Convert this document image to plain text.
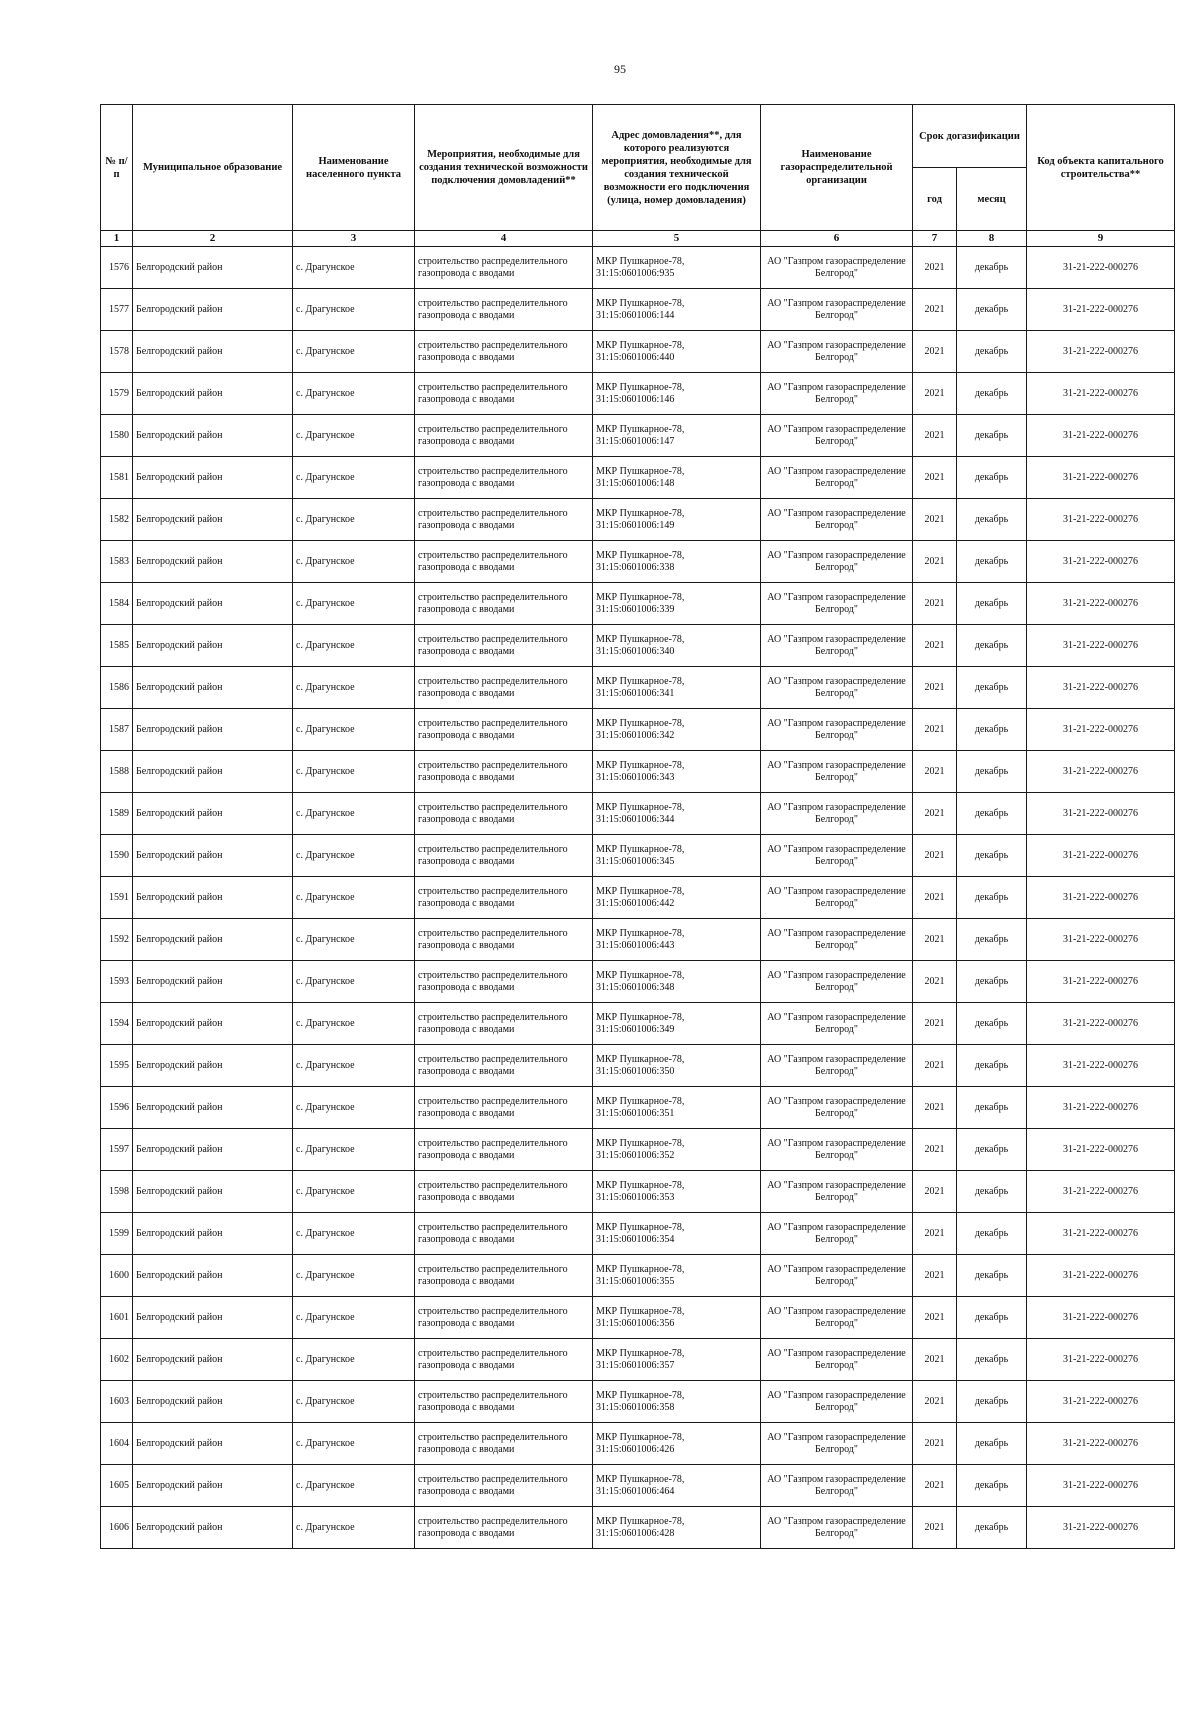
95
№ п/п	Муниципальное образование	Наименование населенного пункта	Мероприятия, необходимые для создания технической возможности подключения домовладений**	Адрес домовладения**, для которого реализуются мероприятия, необходимые для создания технической возможности его подключения (улица, номер домовладения)	Наименование газораспределительной организации	Срок догазификации		Код объекта капитального строительства**
						год	месяц	
1	2	3	4	5	6	7	8	9
1576	Белгородский район	с. Драгунское	строительство распределительного газопровода с вводами	МКР Пушкарное-78, 31:15:0601006:935	АО "Газпром газораспределение Белгород"	2021	декабрь	31-21-222-000276
1577	Белгородский район	с. Драгунское	строительство распределительного газопровода с вводами	МКР Пушкарное-78, 31:15:0601006:144	АО "Газпром газораспределение Белгород"	2021	декабрь	31-21-222-000276
1578	Белгородский район	с. Драгунское	строительство распределительного газопровода с вводами	МКР Пушкарное-78, 31:15:0601006:440	АО "Газпром газораспределение Белгород"	2021	декабрь	31-21-222-000276
1579	Белгородский район	с. Драгунское	строительство распределительного газопровода с вводами	МКР Пушкарное-78, 31:15:0601006:146	АО "Газпром газораспределение Белгород"	2021	декабрь	31-21-222-000276
1580	Белгородский район	с. Драгунское	строительство распределительного газопровода с вводами	МКР Пушкарное-78, 31:15:0601006:147	АО "Газпром газораспределение Белгород"	2021	декабрь	31-21-222-000276
1581	Белгородский район	с. Драгунское	строительство распределительного газопровода с вводами	МКР Пушкарное-78, 31:15:0601006:148	АО "Газпром газораспределение Белгород"	2021	декабрь	31-21-222-000276
1582	Белгородский район	с. Драгунское	строительство распределительного газопровода с вводами	МКР Пушкарное-78, 31:15:0601006:149	АО "Газпром газораспределение Белгород"	2021	декабрь	31-21-222-000276
1583	Белгородский район	с. Драгунское	строительство распределительного газопровода с вводами	МКР Пушкарное-78, 31:15:0601006:338	АО "Газпром газораспределение Белгород"	2021	декабрь	31-21-222-000276
1584	Белгородский район	с. Драгунское	строительство распределительного газопровода с вводами	МКР Пушкарное-78, 31:15:0601006:339	АО "Газпром газораспределение Белгород"	2021	декабрь	31-21-222-000276
1585	Белгородский район	с. Драгунское	строительство распределительного газопровода с вводами	МКР Пушкарное-78, 31:15:0601006:340	АО "Газпром газораспределение Белгород"	2021	декабрь	31-21-222-000276
1586	Белгородский район	с. Драгунское	строительство распределительного газопровода с вводами	МКР Пушкарное-78, 31:15:0601006:341	АО "Газпром газораспределение Белгород"	2021	декабрь	31-21-222-000276
1587	Белгородский район	с. Драгунское	строительство распределительного газопровода с вводами	МКР Пушкарное-78, 31:15:0601006:342	АО "Газпром газораспределение Белгород"	2021	декабрь	31-21-222-000276
1588	Белгородский район	с. Драгунское	строительство распределительного газопровода с вводами	МКР Пушкарное-78, 31:15:0601006:343	АО "Газпром газораспределение Белгород"	2021	декабрь	31-21-222-000276
1589	Белгородский район	с. Драгунское	строительство распределительного газопровода с вводами	МКР Пушкарное-78, 31:15:0601006:344	АО "Газпром газораспределение Белгород"	2021	декабрь	31-21-222-000276
1590	Белгородский район	с. Драгунское	строительство распределительного газопровода с вводами	МКР Пушкарное-78, 31:15:0601006:345	АО "Газпром газораспределение Белгород"	2021	декабрь	31-21-222-000276
1591	Белгородский район	с. Драгунское	строительство распределительного газопровода с вводами	МКР Пушкарное-78, 31:15:0601006:442	АО "Газпром газораспределение Белгород"	2021	декабрь	31-21-222-000276
1592	Белгородский район	с. Драгунское	строительство распределительного газопровода с вводами	МКР Пушкарное-78, 31:15:0601006:443	АО "Газпром газораспределение Белгород"	2021	декабрь	31-21-222-000276
1593	Белгородский район	с. Драгунское	строительство распределительного газопровода с вводами	МКР Пушкарное-78, 31:15:0601006:348	АО "Газпром газораспределение Белгород"	2021	декабрь	31-21-222-000276
1594	Белгородский район	с. Драгунское	строительство распределительного газопровода с вводами	МКР Пушкарное-78, 31:15:0601006:349	АО "Газпром газораспределение Белгород"	2021	декабрь	31-21-222-000276
1595	Белгородский район	с. Драгунское	строительство распределительного газопровода с вводами	МКР Пушкарное-78, 31:15:0601006:350	АО "Газпром газораспределение Белгород"	2021	декабрь	31-21-222-000276
1596	Белгородский район	с. Драгунское	строительство распределительного газопровода с вводами	МКР Пушкарное-78, 31:15:0601006:351	АО "Газпром газораспределение Белгород"	2021	декабрь	31-21-222-000276
1597	Белгородский район	с. Драгунское	строительство распределительного газопровода с вводами	МКР Пушкарное-78, 31:15:0601006:352	АО "Газпром газораспределение Белгород"	2021	декабрь	31-21-222-000276
1598	Белгородский район	с. Драгунское	строительство распределительного газопровода с вводами	МКР Пушкарное-78, 31:15:0601006:353	АО "Газпром газораспределение Белгород"	2021	декабрь	31-21-222-000276
1599	Белгородский район	с. Драгунское	строительство распределительного газопровода с вводами	МКР Пушкарное-78, 31:15:0601006:354	АО "Газпром газораспределение Белгород"	2021	декабрь	31-21-222-000276
1600	Белгородский район	с. Драгунское	строительство распределительного газопровода с вводами	МКР Пушкарное-78, 31:15:0601006:355	АО "Газпром газораспределение Белгород"	2021	декабрь	31-21-222-000276
1601	Белгородский район	с. Драгунское	строительство распределительного газопровода с вводами	МКР Пушкарное-78, 31:15:0601006:356	АО "Газпром газораспределение Белгород"	2021	декабрь	31-21-222-000276
1602	Белгородский район	с. Драгунское	строительство распределительного газопровода с вводами	МКР Пушкарное-78, 31:15:0601006:357	АО "Газпром газораспределение Белгород"	2021	декабрь	31-21-222-000276
1603	Белгородский район	с. Драгунское	строительство распределительного газопровода с вводами	МКР Пушкарное-78, 31:15:0601006:358	АО "Газпром газораспределение Белгород"	2021	декабрь	31-21-222-000276
1604	Белгородский район	с. Драгунское	строительство распределительного газопровода с вводами	МКР Пушкарное-78, 31:15:0601006:426	АО "Газпром газораспределение Белгород"	2021	декабрь	31-21-222-000276
1605	Белгородский район	с. Драгунское	строительство распределительного газопровода с вводами	МКР Пушкарное-78, 31:15:0601006:464	АО "Газпром газораспределение Белгород"	2021	декабрь	31-21-222-000276
1606	Белгородский район	с. Драгунское	строительство распределительного газопровода с вводами	МКР Пушкарное-78, 31:15:0601006:428	АО "Газпром газораспределение Белгород"	2021	декабрь	31-21-222-000276
